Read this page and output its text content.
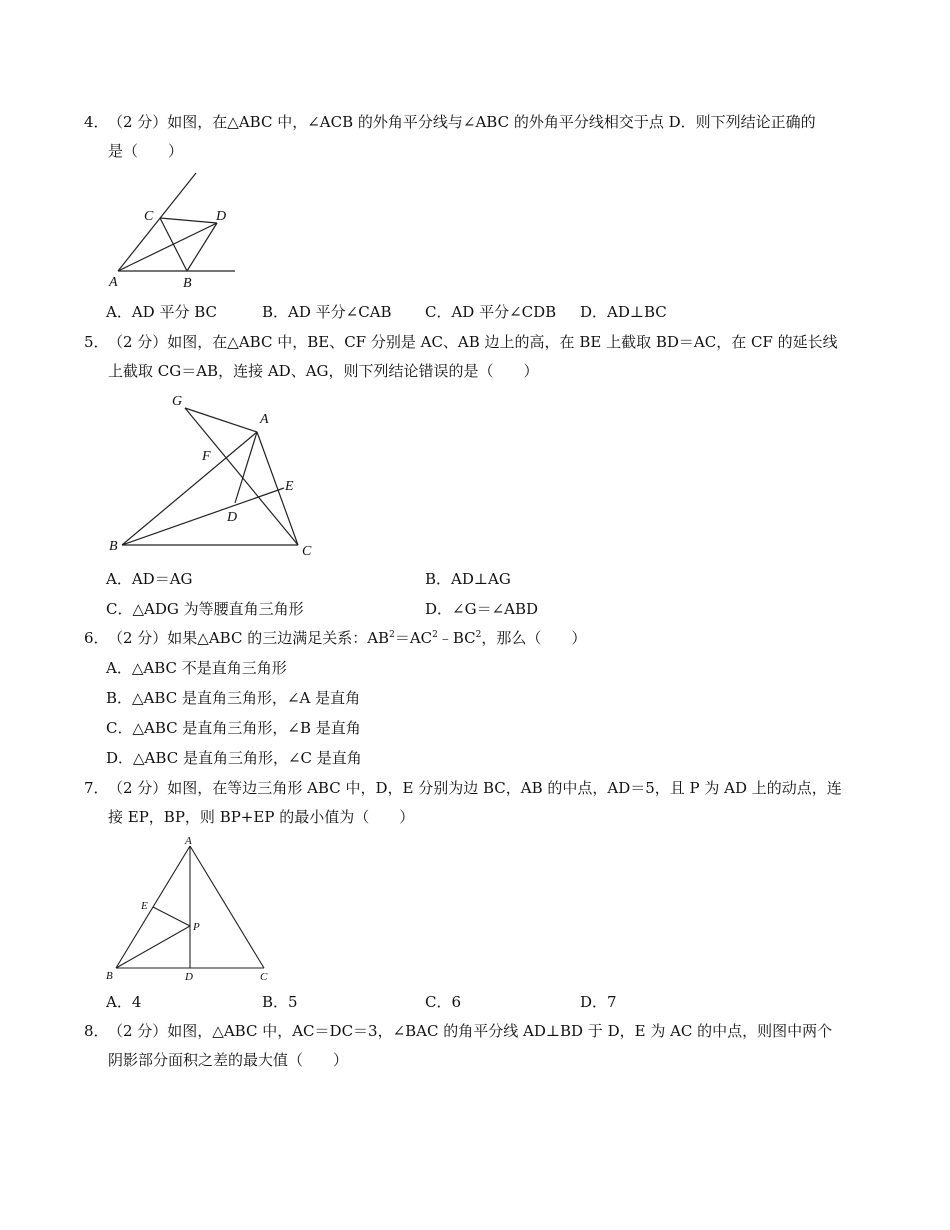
4． （2 分）如图，在△ABC 中，∠ACB 的外角平分线与∠ABC 的外角平分线相交于点 D．则下列结论正确的
是（　　）
C	D
A	B
A．AD 平分 BC	B．AD 平分∠CAB C．AD 平分∠CDB D．AD⊥BC
5． （2 分）如图，在△ABC 中，BE、CF 分别是 AC、AB 边上的高，在 BE 上截取 BD＝AC，在 CF 的延长线
上截取 CG＝AB，连接 AD、AG，则下列结论错误的是（　　）
G
A
F
E
D
B	C
A．AD＝AG	B．AD⊥AG
C．△ADG 为等腰直角三角形	D．∠G＝∠ABD
6． （2 分）如果△ABC 的三边满足关系：$AB^2=AC^2﹣BC^2$，那么（　　）
A．△ABC 不是直角三角形
B．△ABC 是直角三角形，∠A 是直角
C．△ABC 是直角三角形，∠B 是直角
D．△ABC 是直角三角形，∠C 是直角
7． （2 分）如图，在等边三角形 ABC 中，D，E 分别为边 BC，AB 的中点，AD＝5，且 P 为 AD 上的动点，连
接 EP，BP，则 BP+EP 的最小值为（　　）
A
E
P
B	D	C
A．4	B．5	C．6	D．7
8． （2 分）如图，△ABC 中，AC＝DC＝3，∠BAC 的角平分线 AD⊥BD 于 D，E 为 AC 的中点，则图中两个
阴影部分面积之差的最大值（　　）
